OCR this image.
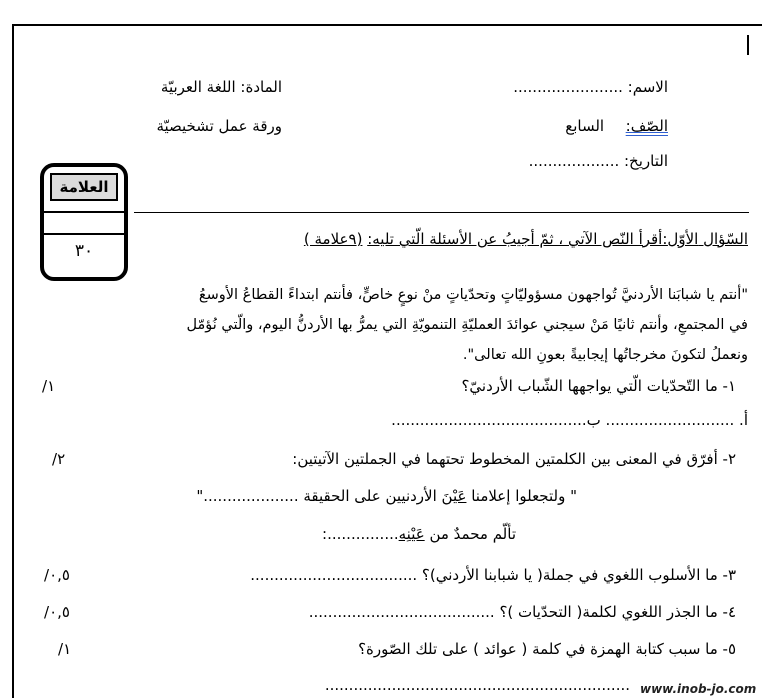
الاسم: .......................
المادة: اللغة العربيّة
الصّف:  السابع
ورقة عمل تشخيصيّة
التاريخ: ...................
العلامة
٣٠
السّؤال الأوّل:أقرأ النّص الآتي ، ثمّ أجيبُ عن الأسئلة الّتي تليه: (٩علامة )
"أنتم يا شبابَنا الأردنيَّ تُواجهون مسؤوليّاتٍ وتحدّياتٍ منْ نوعٍ خاصٍّ، فأنتم ابتداءً القطاعُ الأوسعُ
في المجتمعِ، وأنتم ثانيًا مَنْ سيجني عوائدَ العمليّةِ التنمويّةِ التي يمرُّ بها الأردنُّ اليوم، والّتي نُؤمّل
ونعملُ لتكونَ مخرجاتُها إيجابيةً بعونِ الله تعالى".
١- ما التّحدّيات الّتي يواجهها الشّباب الأردنيّ؟
١/
أ. ........................... ب.........................................
٢- أفرّق في المعنى بين الكلمتين المخطوط تحتهما في الجملتين الآتيتين:
٢/
" ولتجعلوا إعلامنا عَيْنَ الأردنيين على الحقيقة ...................."
تألّم محمدٌ من عَيْنِه...............:
٣- ما الأسلوب اللغوي في جملة( يا شبابنا الأردني)؟ ...................................
٠,٥/
٤- ما الجذر اللغوي لكلمة( التحدّيات )؟ .......................................
٠,٥/
٥- ما سبب كتابة الهمزة في كلمة ( عوائد ) على تلك الصّورة؟
١/
................................................................ www.inob-jo.com
